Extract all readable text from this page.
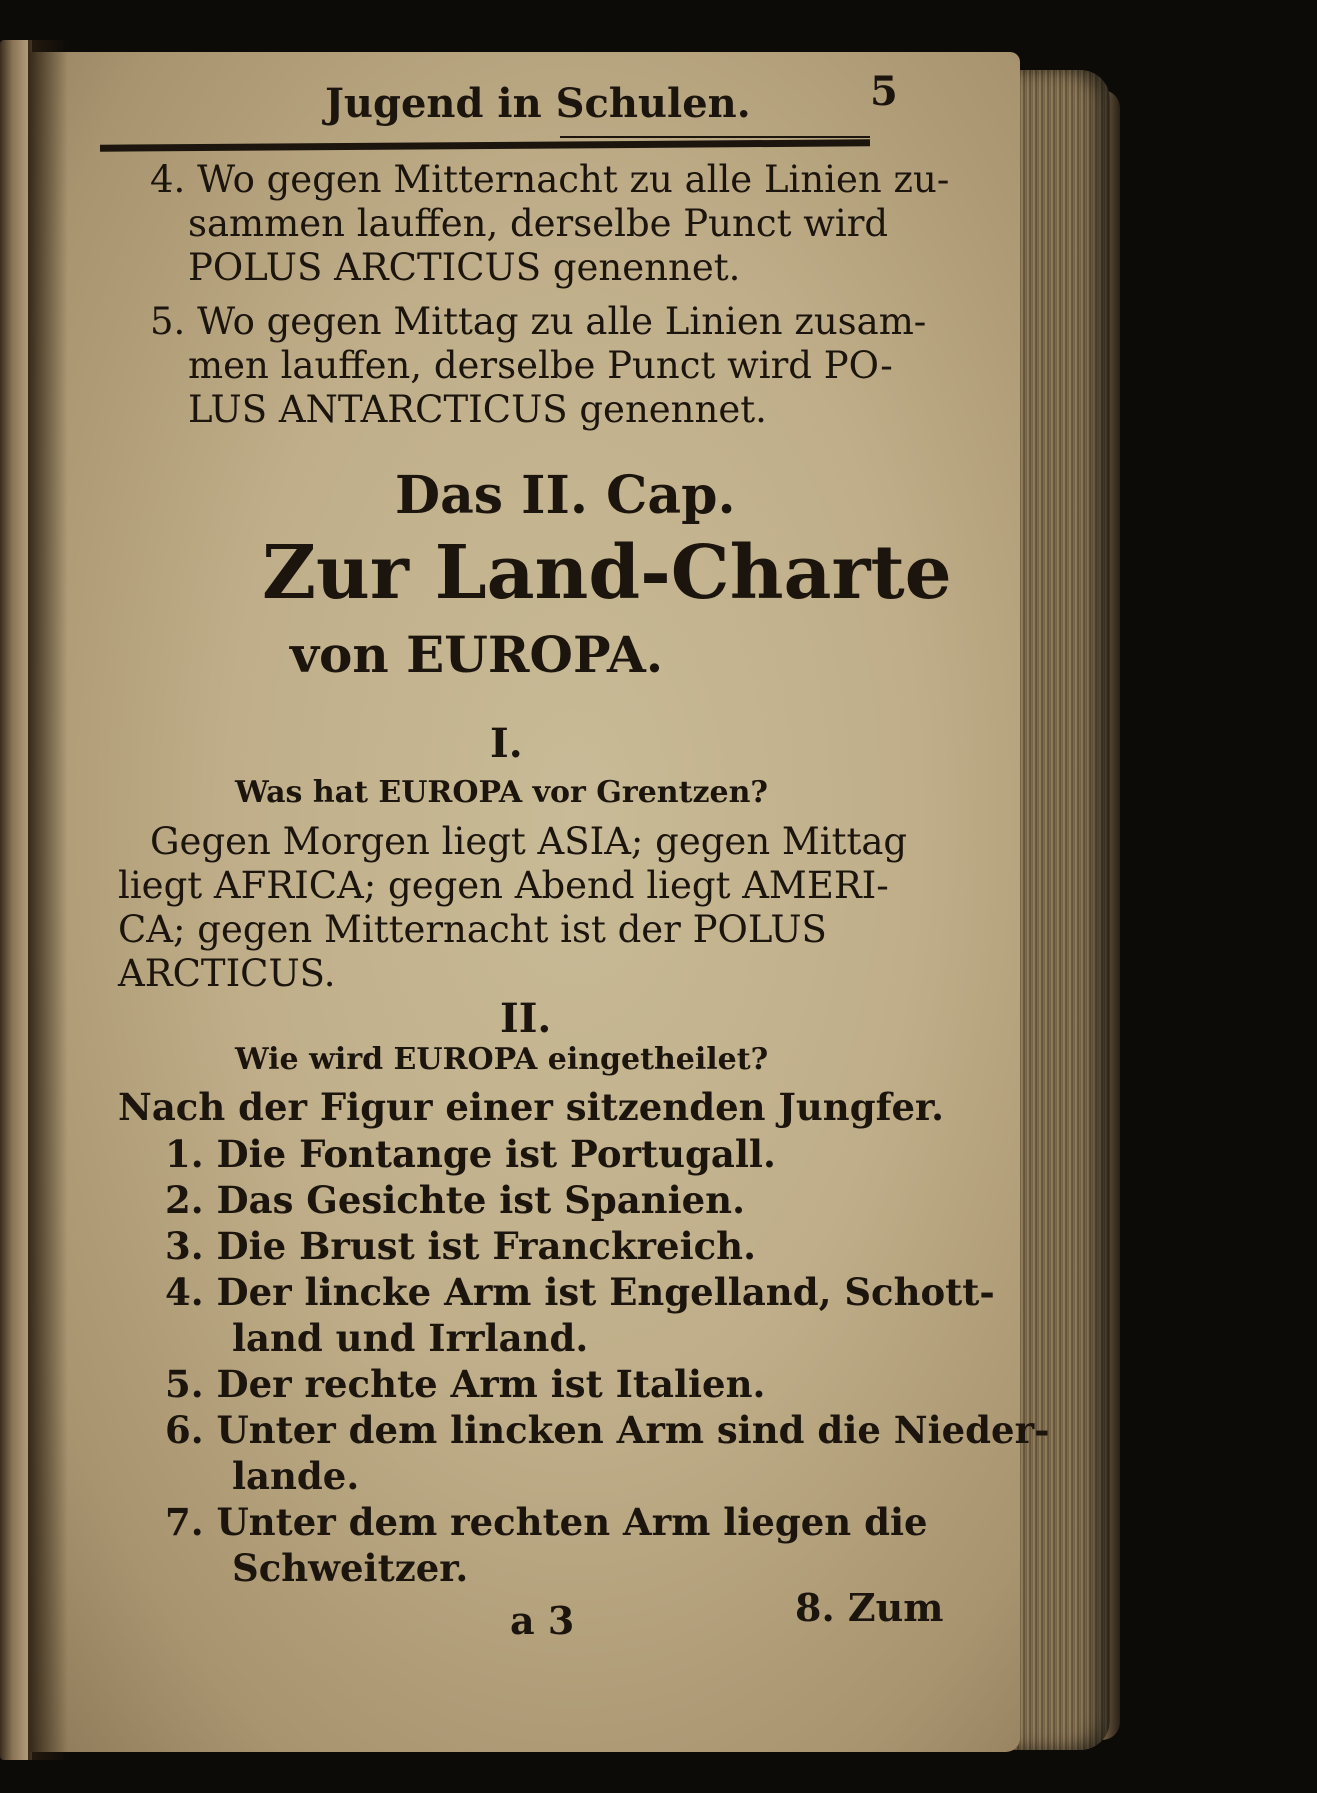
Jugend in Schulen.	5
4. Wo gegen Mitternacht zu alle Linien zu-
sammen lauffen, derselbe Punct wird
POLUS ARCTICUS genennet.
5. Wo gegen Mittag zu alle Linien zusam-
men lauffen, derselbe Punct wird PO-
LUS ANTARCTICUS genennet.
Das II. Cap.
Zur Land-Charte
von EUROPA.
I.
Was hat EUROPA vor Grentzen?
Gegen Morgen liegt ASIA; gegen Mittag
liegt AFRICA; gegen Abend liegt AMERI-
CA; gegen Mitternacht ist der POLUS
ARCTICUS.
II.
Wie wird EUROPA eingetheilet?
Nach der Figur einer sitzenden Jungfer.
1. Die Fontange ist Portugall.
2. Das Gesichte ist Spanien.
3. Die Brust ist Franckreich.
4. Der lincke Arm ist Engelland, Schott-
land und Irrland.
5. Der rechte Arm ist Italien.
6. Unter dem lincken Arm sind die Nieder-
lande.
7. Unter dem rechten Arm liegen die
Schweitzer.
a 3	8. Zum
